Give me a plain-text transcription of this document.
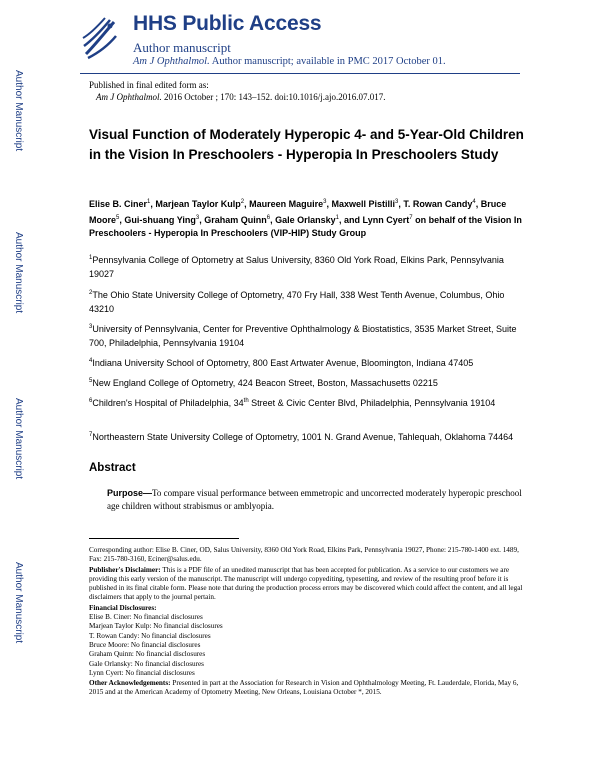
HHS Public Access
Author manuscript
Am J Ophthalmol. Author manuscript; available in PMC 2017 October 01.
Author Manuscript
Author Manuscript
Author Manuscript
Author Manuscript
Published in final edited form as:
Am J Ophthalmol. 2016 October ; 170: 143–152. doi:10.1016/j.ajo.2016.07.017.
Visual Function of Moderately Hyperopic 4- and 5-Year-Old Children in the Vision In Preschoolers - Hyperopia In Preschoolers Study
Elise B. Ciner$^1$, Marjean Taylor Kulp$^2$, Maureen Maguire$^3$, Maxwell Pistilli$^3$, T. Rowan Candy$^4$, Bruce Moore$^5$, Gui-shuang Ying$^3$, Graham Quinn$^6$, Gale Orlansky$^1$, and Lynn Cyert$^7$ on behalf of the Vision In Preschoolers - Hyperopia In Preschoolers (VIP-HIP) Study Group
$^1$Pennsylvania College of Optometry at Salus University, 8360 Old York Road, Elkins Park, Pennsylvania 19027
$^2$The Ohio State University College of Optometry, 470 Fry Hall, 338 West Tenth Avenue, Columbus, Ohio 43210
$^3$University of Pennsylvania, Center for Preventive Ophthalmology & Biostatistics, 3535 Market Street, Suite 700, Philadelphia, Pennsylvania 19104
$^4$Indiana University School of Optometry, 800 East Artwater Avenue, Bloomington, Indiana 47405
$^5$New England College of Optometry, 424 Beacon Street, Boston, Massachusetts 02215
$^6$Children's Hospital of Philadelphia, 34th Street & Civic Center Blvd, Philadelphia, Pennsylvania 19104
$^7$Northeastern State University College of Optometry, 1001 N. Grand Avenue, Tahlequah, Oklahoma 74464
Abstract
Purpose—To compare visual performance between emmetropic and uncorrected moderately hyperopic preschool age children without strabismus or amblyopia.

Corresponding author: Elise B. Ciner, OD, Salus University, 8360 Old York Road, Elkins Park, Pennsylvania 19027, Phone: 215-780-1400 ext. 1489, Fax: 215-780-3160, Eciner@salus.edu.

Publisher's Disclaimer: This is a PDF file of an unedited manuscript that has been accepted for publication. As a service to our customers we are providing this early version of the manuscript. The manuscript will undergo copyediting, typesetting, and review of the resulting proof before it is published in its final citable form. Please note that during the production process errors may be discovered which could affect the content, and all legal disclaimers that apply to the journal pertain.

Financial Disclosures:
Elise B. Ciner: No financial disclosures
Marjean Taylor Kulp: No financial disclosures
T. Rowan Candy: No financial disclosures
Bruce Moore: No financial disclosures
Graham Quinn: No financial disclosures
Gale Orlansky: No financial disclosures
Lynn Cyert: No financial disclosures

Other Acknowledgements: Presented in part at the Association for Research in Vision and Ophthalmology Meeting, Ft. Lauderdale, Florida, May 6, 2015 and at the American Academy of Optometry Meeting, New Orleans, Louisiana October *, 2015.
